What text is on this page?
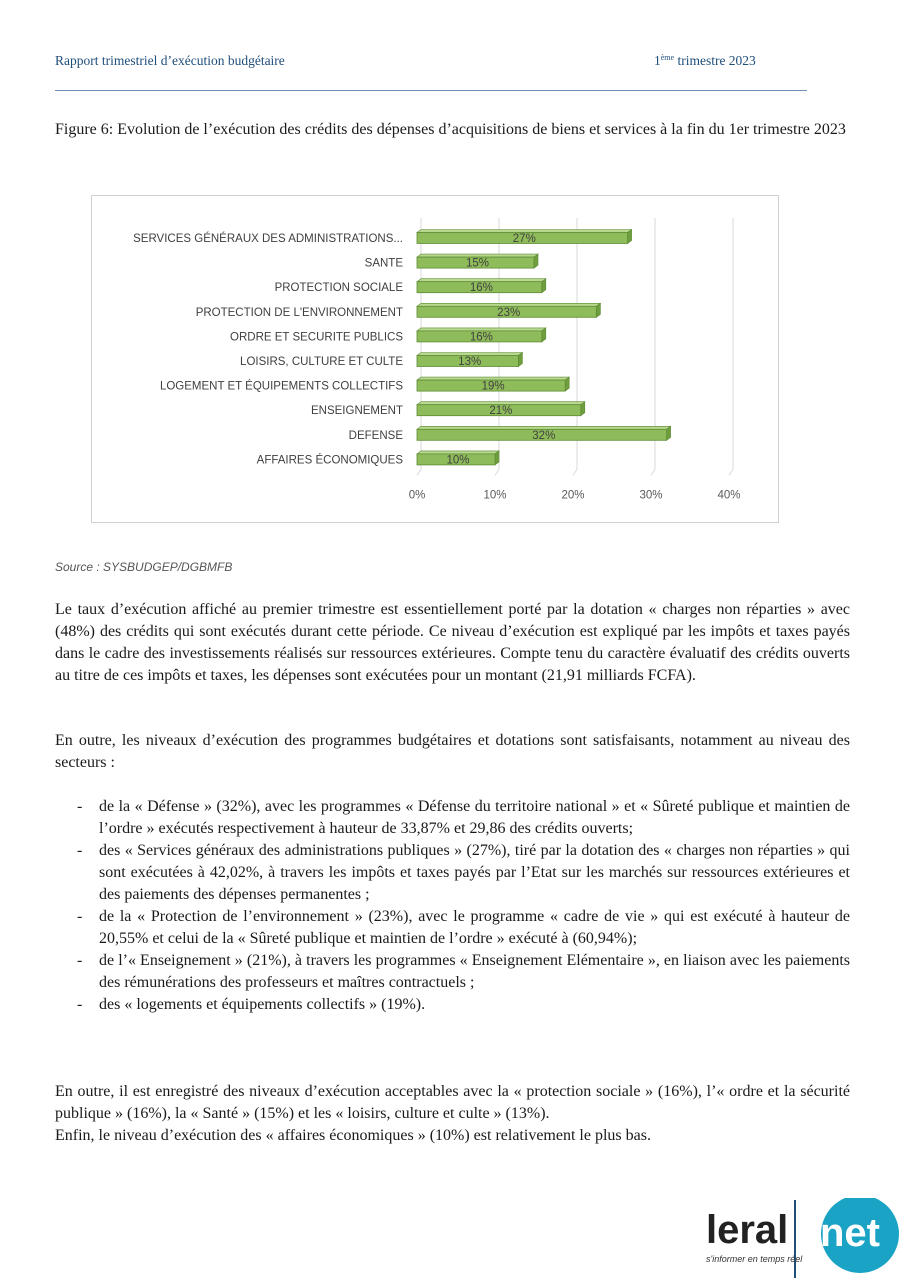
Rapport trimestriel d’exécution budgétaire	1ème trimestre 2023
Figure 6: Evolution de l’exécution des crédits des dépenses d’acquisitions de biens et services à la fin du 1er trimestre 2023
0%	10%	20%	30%	40%
SERVICES GÉNÉRAUX DES ADMINISTRATIONS...	27%
SANTE	15%
PROTECTION SOCIALE	16%
PROTECTION DE L'ENVIRONNEMENT	23%
ORDRE ET SECURITE PUBLICS	16%
LOISIRS, CULTURE ET CULTE	13%
LOGEMENT ET ÉQUIPEMENTS COLLECTIFS	19%
ENSEIGNEMENT	21%
DEFENSE	32%
AFFAIRES ÉCONOMIQUES	10%
Source : SYSBUDGEP/DGBMFB

Le taux d’exécution affiché au premier trimestre est essentiellement porté par la dotation « charges non réparties » avec (48%) des crédits qui sont exécutés durant cette période. Ce niveau d’exécution est expliqué par les impôts et taxes payés dans le cadre des investissements réalisés sur ressources extérieures. Compte tenu du caractère évaluatif des crédits ouverts au titre de ces impôts et taxes, les dépenses sont exécutées pour un montant (21,91 milliards FCFA).

En outre, les niveaux d’exécution des programmes budgétaires et dotations sont satisfaisants, notamment au niveau des secteurs :

- de la « Défense » (32%), avec les programmes « Défense du territoire national » et « Sûreté publique et maintien de l’ordre » exécutés respectivement à hauteur de 33,87% et 29,86 des crédits ouverts;
- des « Services généraux des administrations publiques » (27%), tiré par la dotation des « charges non réparties » qui sont exécutées à 42,02%, à travers les impôts et taxes payés par l’Etat sur les marchés sur ressources extérieures et des paiements des dépenses permanentes ;
- de la « Protection de l’environnement » (23%), avec le programme « cadre de vie » qui est exécuté à hauteur de 20,55% et celui de la « Sûreté publique et maintien de l’ordre » exécuté à (60,94%);
- de l’« Enseignement » (21%), à travers les programmes « Enseignement Elémentaire », en liaison avec les paiements des rémunérations des professeurs et maîtres contractuels ;
- des « logements et équipements collectifs » (19%).
En outre, il est enregistré des niveaux d’exécution acceptables avec la « protection sociale » (16%), l’« ordre et la sécurité publique » (16%), la « Santé » (15%) et les « loisirs, culture et culte » (13%).
Enfin, le niveau d’exécution des « affaires économiques » (10%) est relativement le plus bas.
leral net
s'informer en temps réel
